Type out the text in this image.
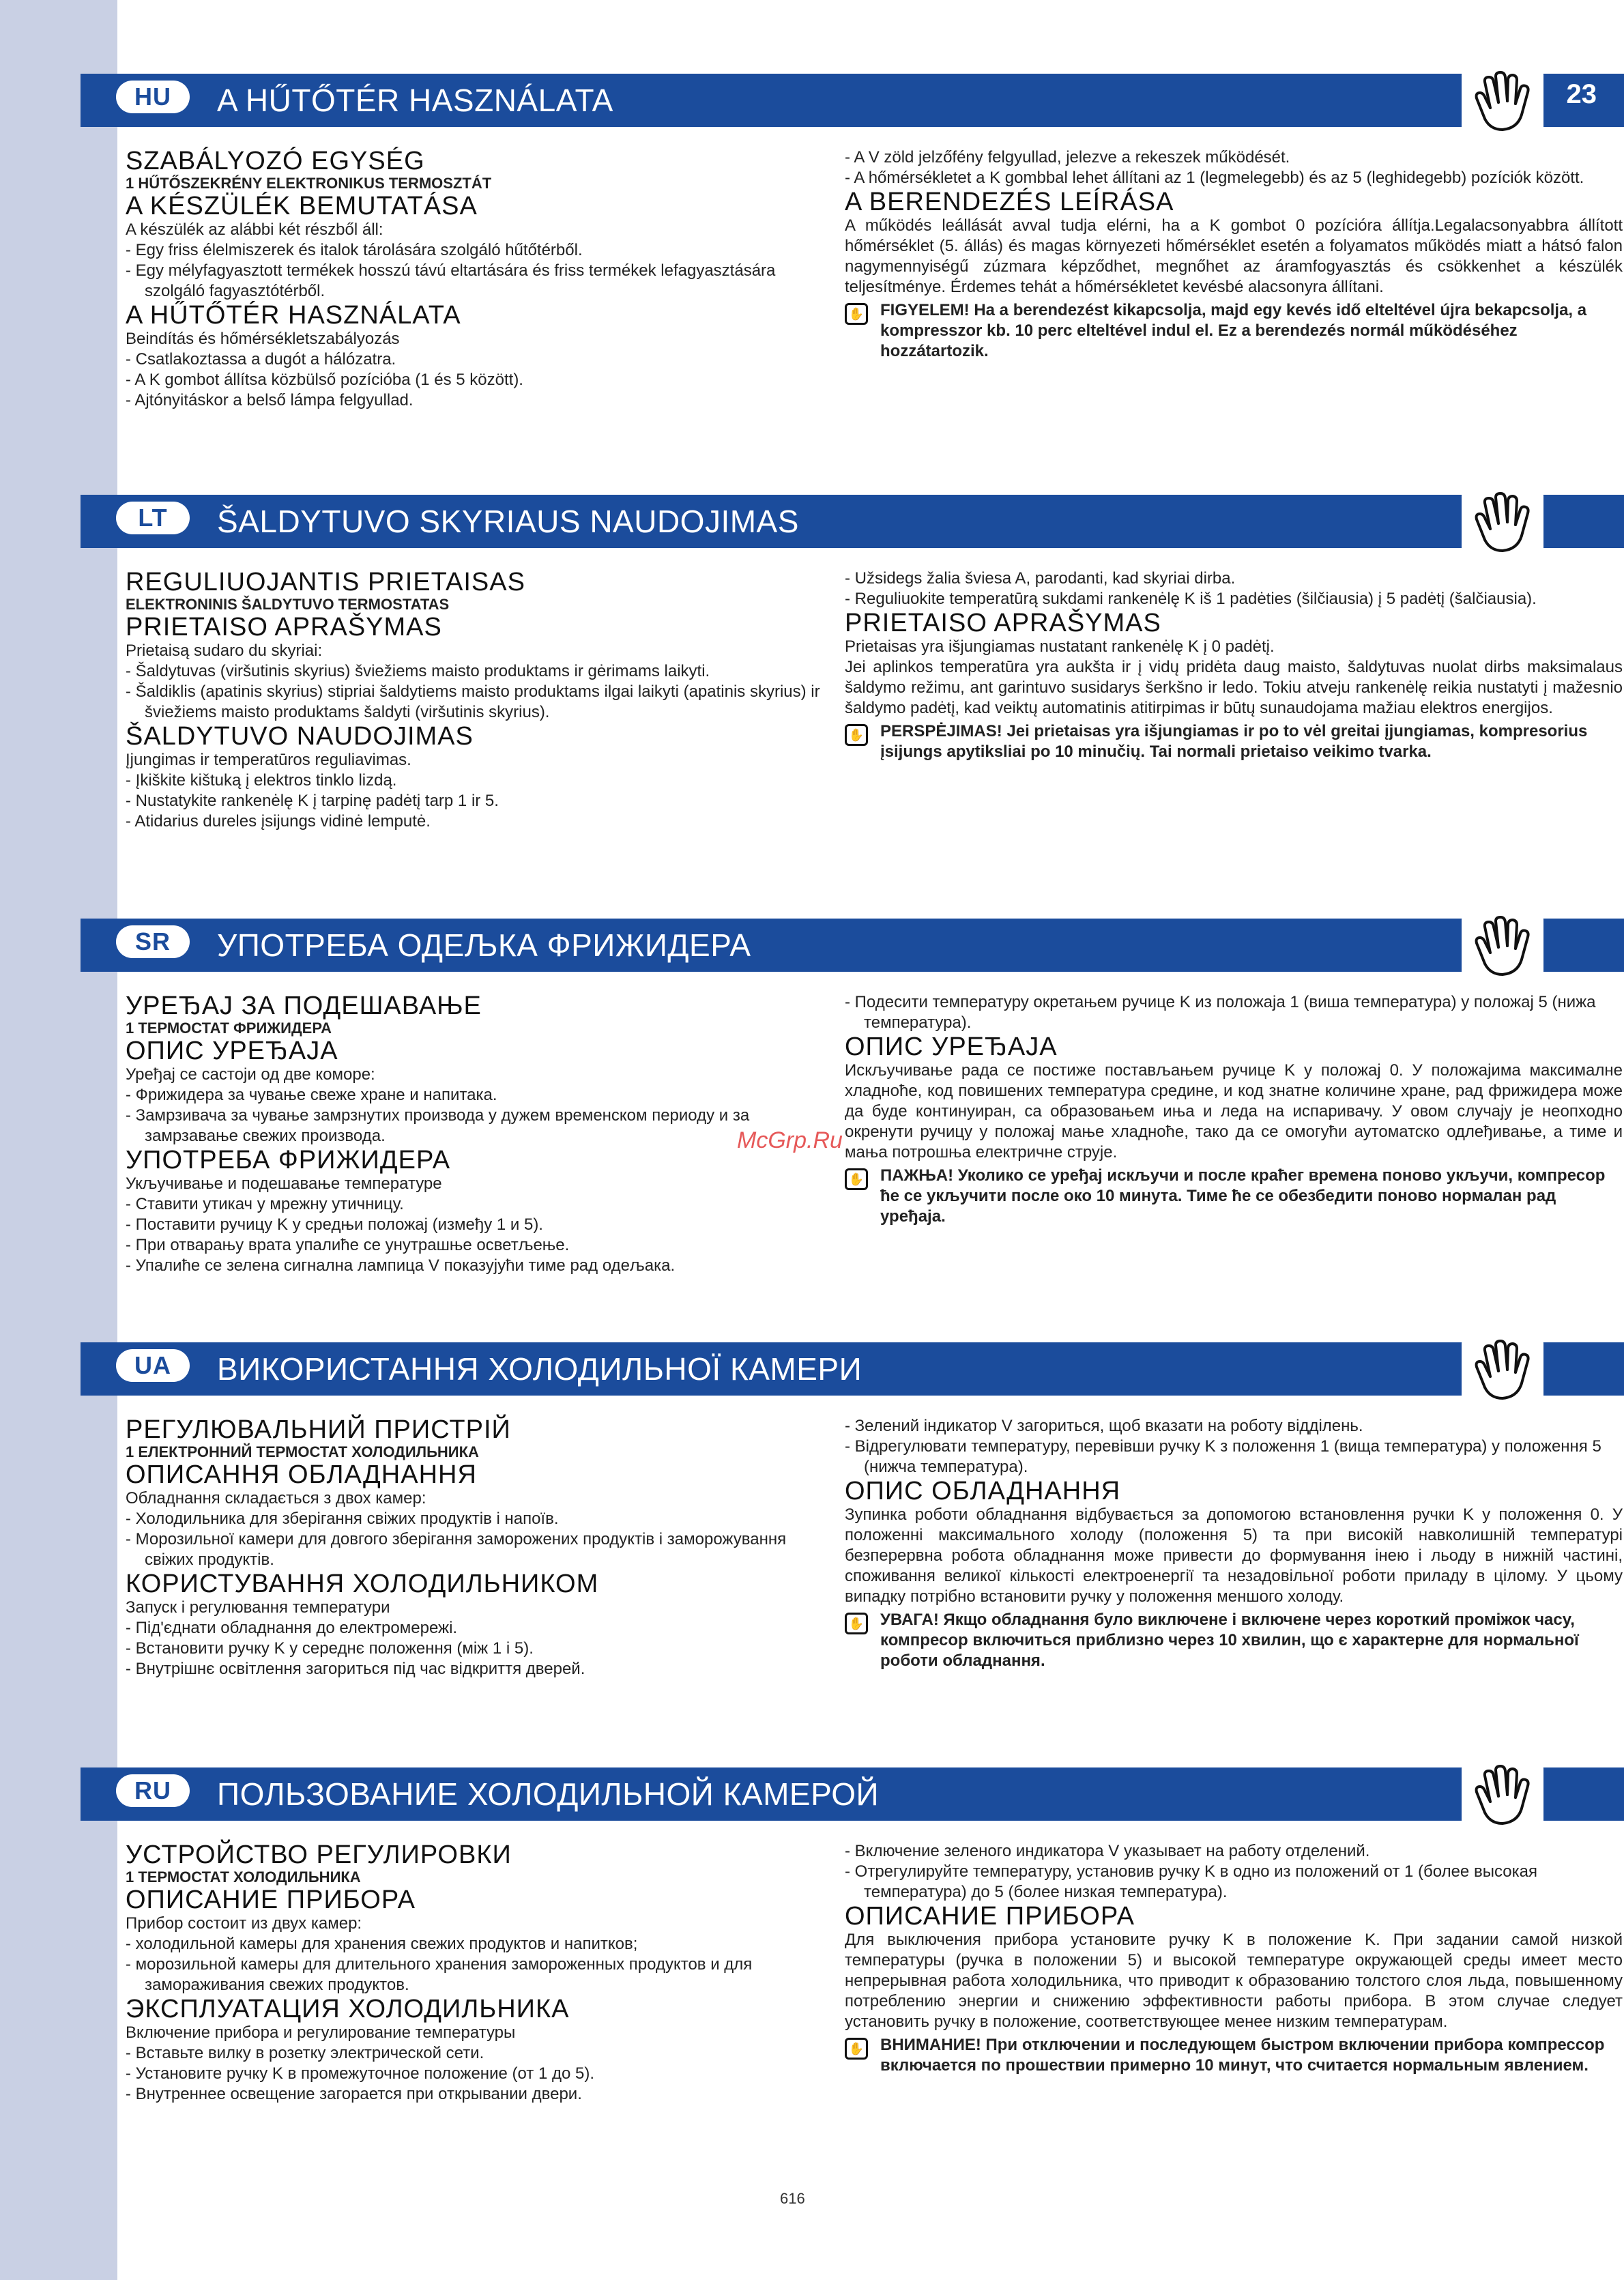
HU	A HŰTŐTÉR HASZNÁLATA	23
SZABÁLYOZÓ EGYSÉG
1 HŰTŐSZEKRÉNY ELEKTRONIKUS TERMOSZTÁT
A KÉSZÜLÉK BEMUTATÁSA
A készülék az alábbi két részből áll:
- Egy friss élelmiszerek és italok tárolására szolgáló hűtőtérből.
- Egy mélyfagyasztott termékek hosszú távú eltartására és friss termékek lefagyasztására szolgáló fagyasztótérből.
A HŰTŐTÉR HASZNÁLATA
Beindítás és hőmérsékletszabályozás
- Csatlakoztassa a dugót a hálózatra.
- A K gombot állítsa közbülső pozícióba (1 és 5 között).
- Ajtónyitáskor a belső lámpa felgyullad.
- A V zöld jelzőfény felgyullad, jelezve a rekeszek működését.
- A hőmérsékletet a K gombbal lehet állítani az 1 (legmelegebb) és az 5 (leghidegebb) pozíciók között.
A BERENDEZÉS LEÍRÁSA
A működés leállását avval tudja elérni, ha a K gombot 0 pozícióra állítja.Legalacsonyabbra állított hőmérséklet (5. állás) és magas környezeti hőmérséklet esetén a folyamatos működés miatt a hátsó falon nagymennyiségű zúzmara képződhet, megnőhet az áramfogyasztás és csökkenhet a készülék teljesítménye. Érdemes tehát a hőmérsékletet kevésbé alacsonyra állítani.
✋ FIGYELEM! Ha a berendezést kikapcsolja, majd egy kevés idő elteltével újra bekapcsolja, a kompresszor kb. 10 perc elteltével indul el. Ez a berendezés normál működéséhez hozzátartozik.
LT	ŠALDYTUVO SKYRIAUS NAUDOJIMAS
REGULIUOJANTIS PRIETAISAS
ELEKTRONINIS ŠALDYTUVO TERMOSTATAS
PRIETAISO APRAŠYMAS
Prietaisą sudaro du skyriai:
- Šaldytuvas (viršutinis skyrius) šviežiems maisto produktams ir gėrimams laikyti.
- Šaldiklis (apatinis skyrius) stipriai šaldytiems maisto produktams ilgai laikyti (apatinis skyrius) ir šviežiems maisto produktams šaldyti (viršutinis skyrius).
ŠALDYTUVO NAUDOJIMAS
Įjungimas ir temperatūros reguliavimas.
- Įkiškite kištuką į elektros tinklo lizdą.
- Nustatykite rankenėlę K į tarpinę padėtį tarp 1 ir 5.
- Atidarius dureles įsijungs vidinė lemputė.
- Užsidegs žalia šviesa A, parodanti, kad skyriai dirba.
- Reguliuokite temperatūrą sukdami rankenėlę K iš 1 padėties (šilčiausia) į 5 padėtį (šalčiausia).
PRIETAISO APRAŠYMAS
Prietaisas yra išjungiamas nustatant rankenėlę K į 0 padėtį.
Jei aplinkos temperatūra yra aukšta ir į vidų pridėta daug maisto, šaldytuvas nuolat dirbs maksimalaus šaldymo režimu, ant garintuvo susidarys šerkšno ir ledo. Tokiu atveju rankenėlę reikia nustatyti į mažesnio šaldymo padėtį, kad veiktų automatinis atitirpimas ir būtų sunaudojama mažiau elektros energijos.
✋ PERSPĖJIMAS! Jei prietaisas yra išjungiamas ir po to vėl greitai įjungiamas, kompresorius įsijungs apytiksliai po 10 minučių. Tai normali prietaiso veikimo tvarka.
SR	УПОТРЕБА ОДЕЉКА ФРИЖИДЕРА
УРЕЂАЈ ЗА ПОДЕШАВАЊЕ
1 ТЕРМОСТАТ ФРИЖИДЕРА
ОПИС УРЕЂАЈА
Уређај се састоји од две коморе:
- Фрижидера за чување свеже хране и напитака.
- Замрзивача за чување замрзнутих производа у дужем временском периоду и за замрзавање свежих производа.
УПОТРЕБА ФРИЖИДЕРА
Укључивање и подешавање температуре
- Ставити утикач у мрежну утичницу.
- Поставити ручицу K у средњи положај (између 1 и 5).
- При отварању врата упалиће се унутрашње осветљење.
- Упалиће се зелена сигнална лампица V показујући тиме рад одељака.
- Подесити температуру окретањем ручице K из положаја 1 (виша температура) у положај 5 (нижа температура).
ОПИС УРЕЂАЈА
Искључивање рада се постиже постављањем ручице K у положај 0. У положајима максималне хладноће, код повишених температура средине, и код знатне количине хране, рад фрижидера може да буде континуиран, са образовањем иња и леда на испаривачу. У овом случају је неопходно окренути ручицу у положај мање хладноће, тако да се омогући аутоматско одлеђивање, а тиме и мања потрошња електричне струје.
✋ ПАЖЊА! Уколико се уређај искључи и после краћег времена поново укључи, компресор ће се укључити после око 10 минута. Тиме ће се обезбедити поново нормалан рад уређаја.
UA	ВИКОРИСТАННЯ ХОЛОДИЛЬНОЇ КАМЕРИ
РЕГУЛЮВАЛЬНИЙ ПРИСТРІЙ
1 ЕЛЕКТРОННИЙ ТЕРМОСТАТ ХОЛОДИЛЬНИКА
ОПИСАННЯ ОБЛАДНАННЯ
Обладнання складається з двох камер:
- Холодильника для зберігання свіжих продуктів і напоїв.
- Морозильної камери для довгого зберігання заморожених продуктів і заморожування свіжих продуктів.
КОРИСТУВАННЯ ХОЛОДИЛЬНИКОМ
Запуск і регулювання температури
- Під'єднати обладнання до електромережі.
- Встановити ручку K у середнє положення (між 1 і 5).
- Внутрішнє освітлення загориться під час відкриття дверей.
- Зелений індикатор V загориться, щоб вказати на роботу відділень.
- Відрегулювати температуру, перевівши ручку K з положення 1 (вища температура) у положення 5 (нижча температура).
ОПИС ОБЛАДНАННЯ
Зупинка роботи обладнання відбувається за допомогою встановлення ручки K у положення 0. У положенні максимального холоду (положення 5) та при високій навколишній температурі безперервна робота обладнання може привести до формування інею і льоду в нижній частині, споживання великої кількості електроенергії та незадовільної роботи приладу в цілому. У цьому випадку потрібно встановити ручку у положення меншого холоду.
✋ УВАГА! Якщо обладнання було виключене і включене через короткий проміжок часу, компресор включиться приблизно через 10 хвилин, що є характерне для нормальної роботи обладнання.
RU	ПОЛЬЗОВАНИЕ ХОЛОДИЛЬНОЙ КАМЕРОЙ
УСТРОЙСТВО РЕГУЛИРОВКИ
1 ТЕРМОСТАТ ХОЛОДИЛЬНИКА
ОПИСАНИЕ ПРИБОРА
Прибор состоит из двух камер:
- холодильной камеры для хранения свежих продуктов и напитков;
- морозильной камеры для длительного хранения замороженных продуктов и для замораживания свежих продуктов.
ЭКСПЛУАТАЦИЯ ХОЛОДИЛЬНИКА
Включение прибора и регулирование температуры
- Вставьте вилку в розетку электрической сети.
- Установите ручку K в промежуточное положение (от 1 до 5).
- Внутреннее освещение загорается при открывании двери.
- Включение зеленого индикатора V указывает на работу отделений.
- Отрегулируйте температуру, установив ручку K в одно из положений от 1 (более высокая температура) до 5 (более низкая температура).
ОПИСАНИЕ ПРИБОРА
Для выключения прибора установите ручку K в положение K. При задании самой низкой температуры (ручка в положении 5) и высокой температуре окружающей среды имеет место непрерывная работа холодильника, что приводит к образованию толстого слоя льда, повышенному потреблению энергии и снижению эффективности работы прибора. В этом случае следует установить ручку в положение, соответствующее менее низким температурам.
✋ ВНИМАНИЕ! При отключении и последующем быстром включении прибора компрессор включается по прошествии примерно 10 минут, что считается нормальным явлением.
McGrp.Ru
616
